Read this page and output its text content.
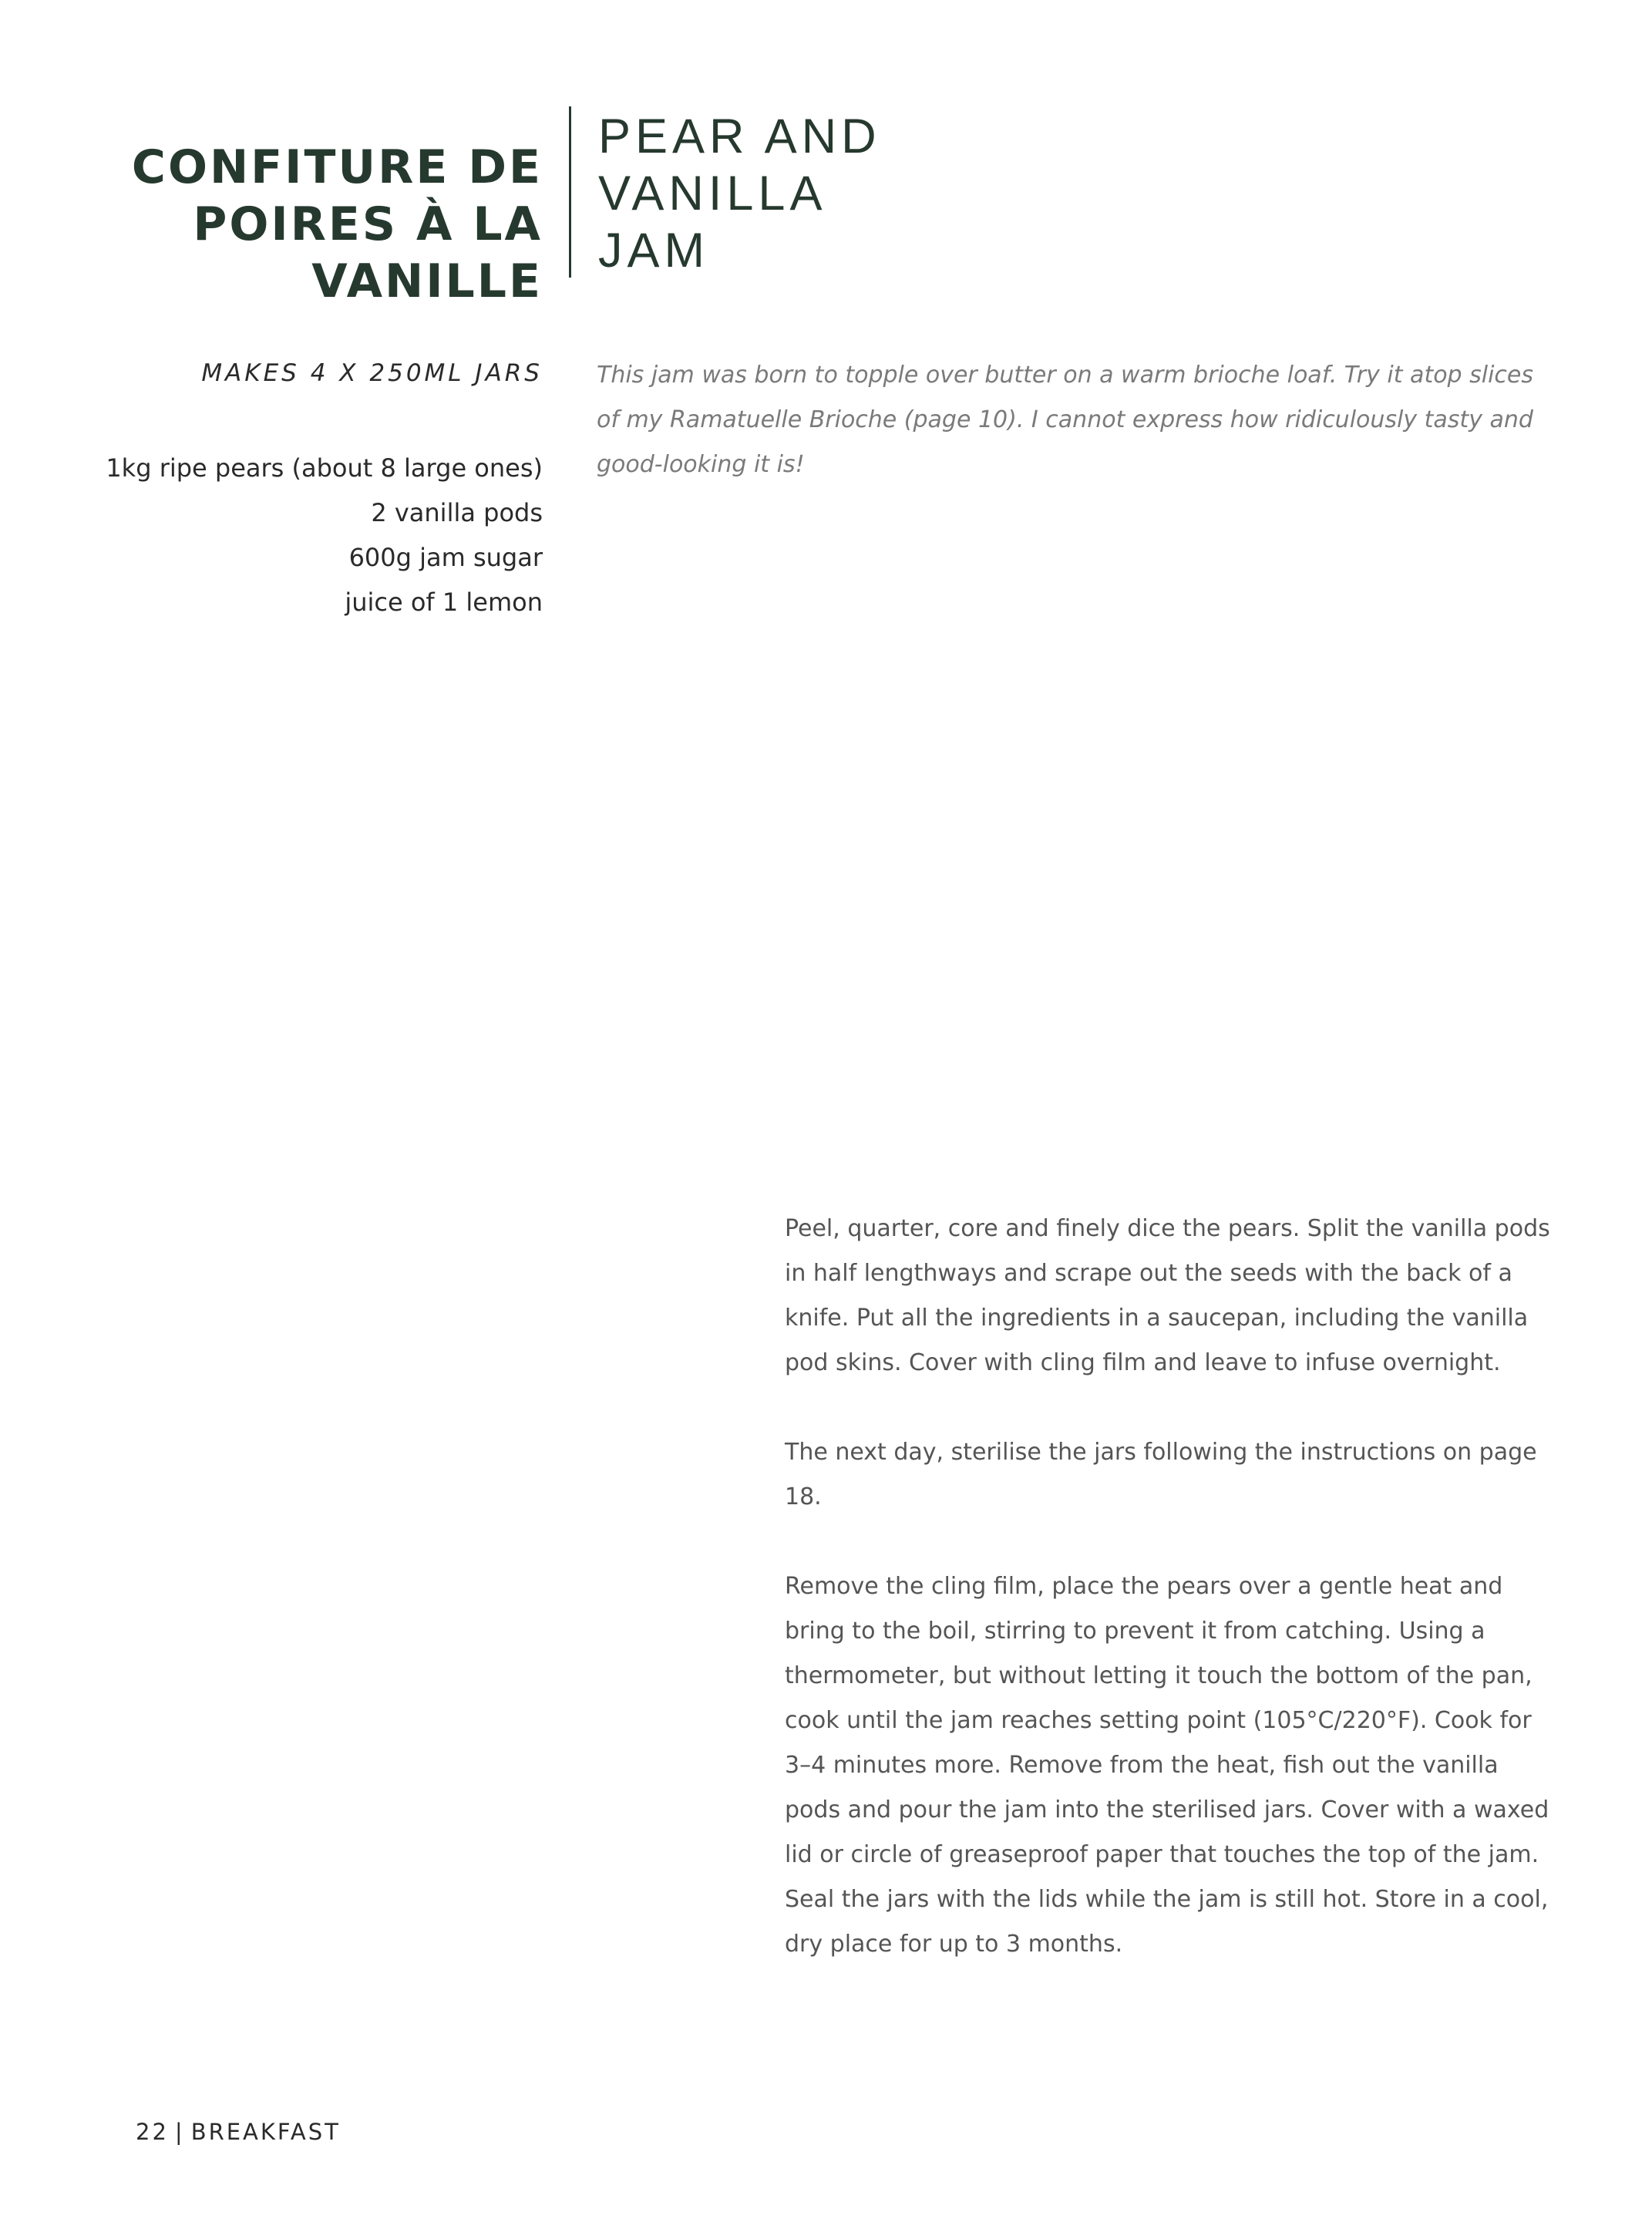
CONFITURE DE
POIRES À LA
VANILLE
PEAR AND
VANILLA
JAM
MAKES 4 X 250ML JARS
1kg ripe pears (about 8 large ones)
2 vanilla pods
600g jam sugar
juice of 1 lemon

This jam was born to topple over butter on a warm brioche loaf. Try it atop slices of my Ramatuelle Brioche (page 10). I cannot express how ridiculously tasty and good-looking it is!

Peel, quarter, core and finely dice the pears. Split the vanilla pods in half lengthways and scrape out the seeds with the back of a knife. Put all the ingredients in a saucepan, including the vanilla pod skins. Cover with cling film and leave to infuse overnight.

The next day, sterilise the jars following the instructions on page 18.

Remove the cling film, place the pears over a gentle heat and bring to the boil, stirring to prevent it from catching. Using a thermometer, but without letting it touch the bottom of the pan, cook until the jam reaches setting point (105°C/220°F). Cook for 3–4 minutes more. Remove from the heat, fish out the vanilla pods and pour the jam into the sterilised jars. Cover with a waxed lid or circle of greaseproof paper that touches the top of the jam. Seal the jars with the lids while the jam is still hot. Store in a cool, dry place for up to 3 months.

22 | BREAKFAST
